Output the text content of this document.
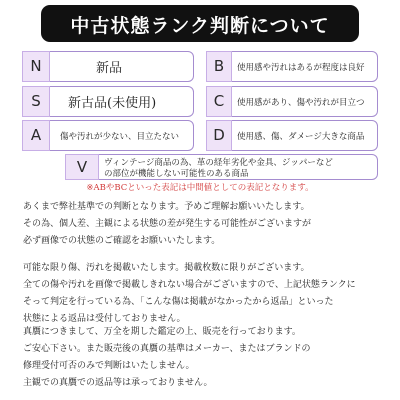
中古状態ランク判断について
N	新品	B	使用感や汚れはあるが程度は良好
S	新古品(未使用)	C	使用感があり、傷や汚れが目立つ
A	傷や汚れが少ない、目立たない	D	使用感、傷、ダメージ大きな商品
V	ヴィンテージ商品の為、革の経年劣化や金具、ジッパーなど
の部位が機能しない可能性のある商品
※ABやBCといった表記は中間値としての表記となります。
あくまで弊社基準での判断となります。予めご理解お願いいたします。
その為、個人差、主観による状態の差が発生する可能性がございますが
必ず画像での状態のご確認をお願いいたします。
可能な限り傷、汚れを掲載いたします。掲載枚数に限りがございます。
全ての傷や汚れを画像で掲載しきれない場合がございますので、上記状態ランクに
そって判定を行っている為、「こんな傷は掲載がなかったから返品」といった
状態による返品は受付しておりません。
真贋につきまして、万全を期した鑑定の上、販売を行っております。
ご安心下さい。また販売後の真贋の基準はメーカー、またはブランドの
修理受付可否のみで判断はいたしません。
主観での真贋での返品等は承っておりません。
